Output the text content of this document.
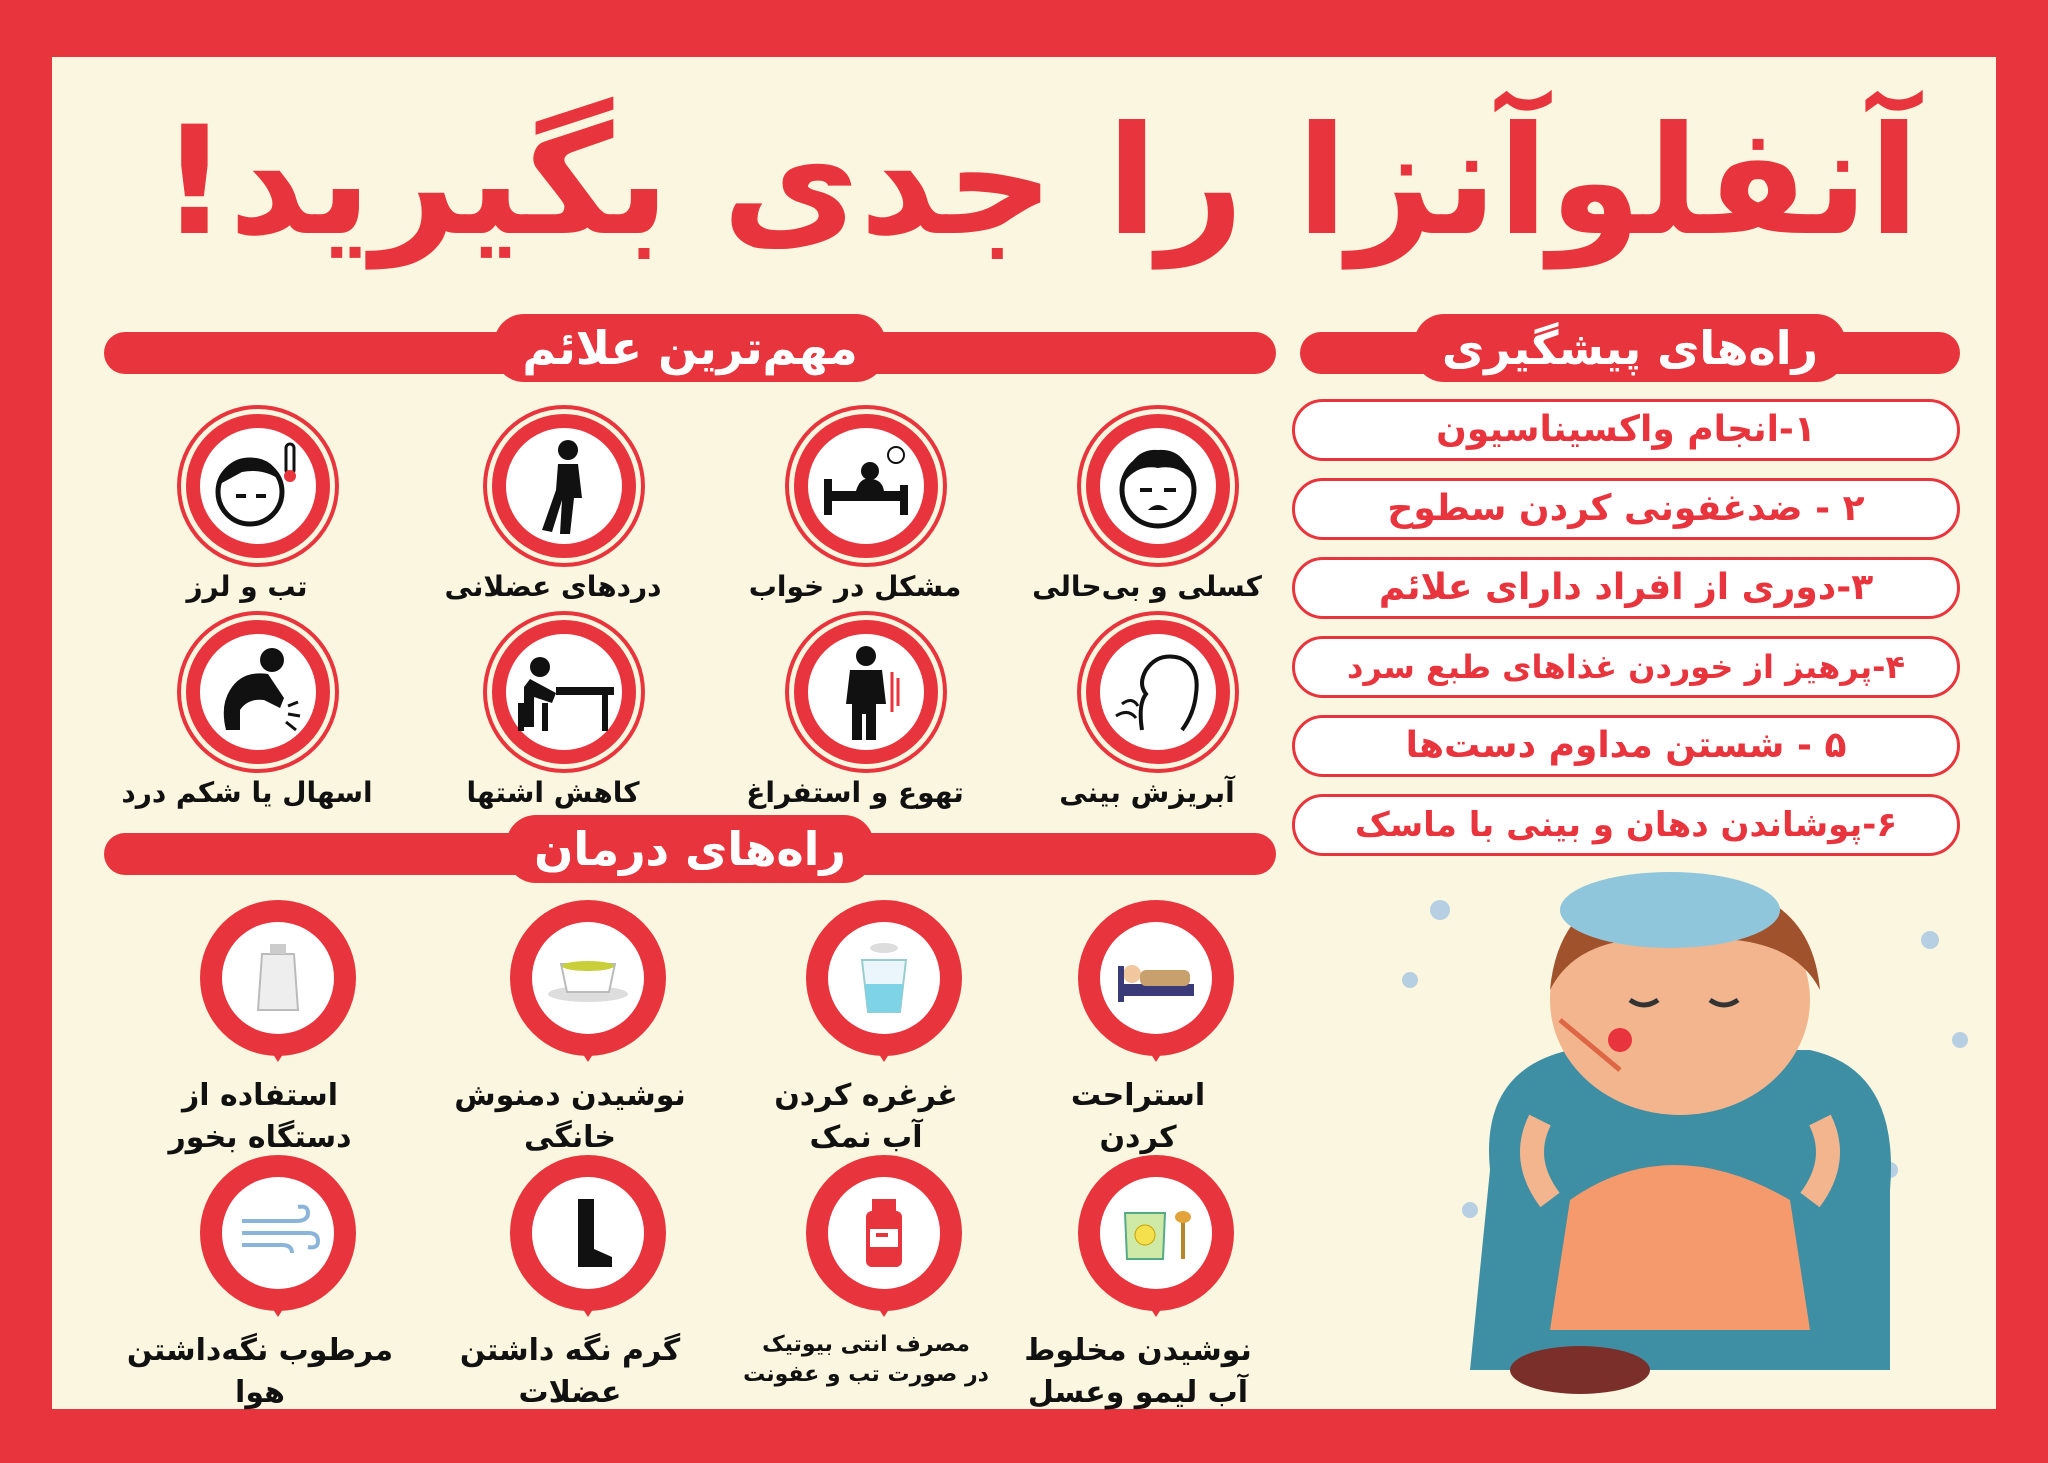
آنفلوآنزا را جدی بگیرید!
راه‌های پیشگیری
۱-انجام واکسیناسیون
۲ - ضدغفونی کردن سطوح
۳-دوری از افراد دارای علائم
۴-پرهیز از خوردن غذاهای طبع سرد
۵ - شستن مداوم دست‌ها
۶-پوشاندن دهان و بینی با ماسک
مهم‌ترین علائم
کسلی و بی‌حالی
مشکل در خواب
دردهای عضلانی
تب و لرز
آبریزش بینی
تهوع و استفراغ
کاهش اشتها
اسهال یا شکم درد
راه‌های درمان
استراحت
کردن
غرغره کردن
آب نمک
نوشیدن دمنوش
خانگی
استفاده از
دستگاه بخور
نوشیدن مخلوط
آب لیمو وعسل
مصرف انتی بیوتیک
در صورت تب و عفونت
گرم نگه داشتن
عضلات
مرطوب نگه‌داشتن
هوا
